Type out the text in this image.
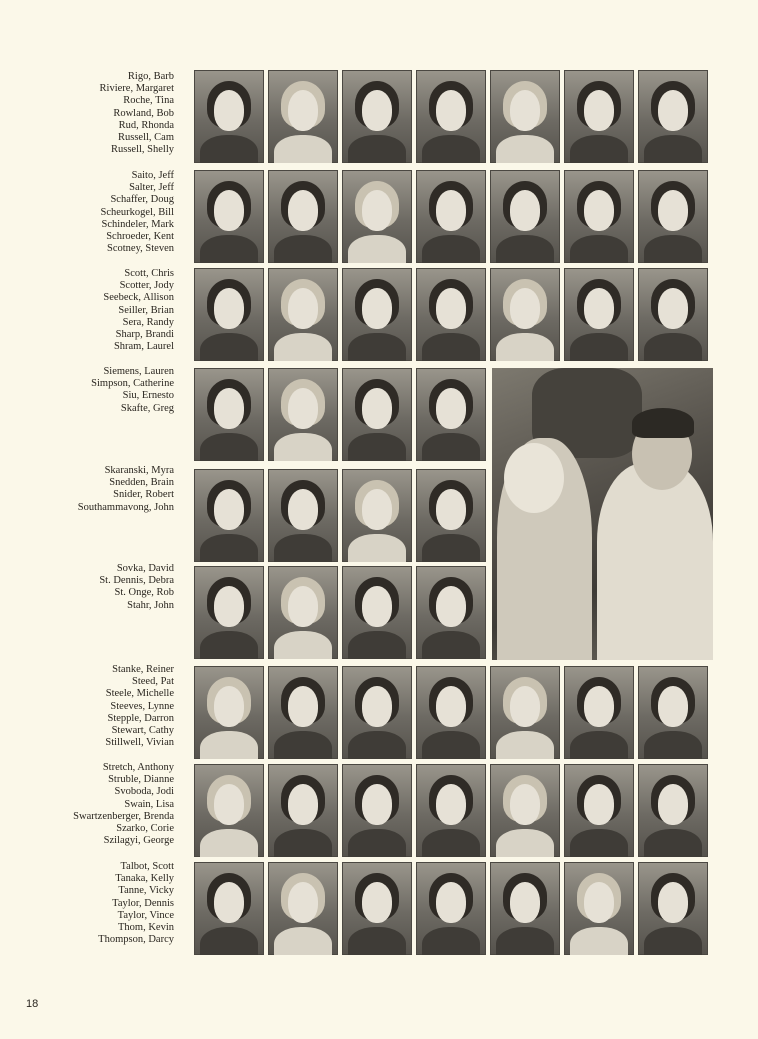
Rigo, Barb
Riviere, Margaret
Roche, Tina
Rowland, Bob
Rud, Rhonda
Russell, Cam
Russell, Shelly
Saito, Jeff
Salter, Jeff
Schaffer, Doug
Scheurkogel, Bill
Schindeler, Mark
Schroeder, Kent
Scotney, Steven
Scott, Chris
Scotter, Jody
Seebeck, Allison
Seiller, Brian
Sera, Randy
Sharp, Brandi
Shram, Laurel
Siemens, Lauren
Simpson, Catherine
Siu, Ernesto
Skafte, Greg
Skaranski, Myra
Snedden, Brain
Snider, Robert
Southammavong, John
Sovka, David
St. Dennis, Debra
St. Onge, Rob
Stahr, John
Stanke, Reiner
Steed, Pat
Steele, Michelle
Steeves, Lynne
Stepple, Darron
Stewart, Cathy
Stillwell, Vivian
Stretch, Anthony
Struble, Dianne
Svoboda, Jodi
Swain, Lisa
Swartzenberger, Brenda
Szarko, Corie
Szilagyi, George
Talbot, Scott
Tanaka, Kelly
Tanne, Vicky
Taylor, Dennis
Taylor, Vince
Thom, Kevin
Thompson, Darcy
18
